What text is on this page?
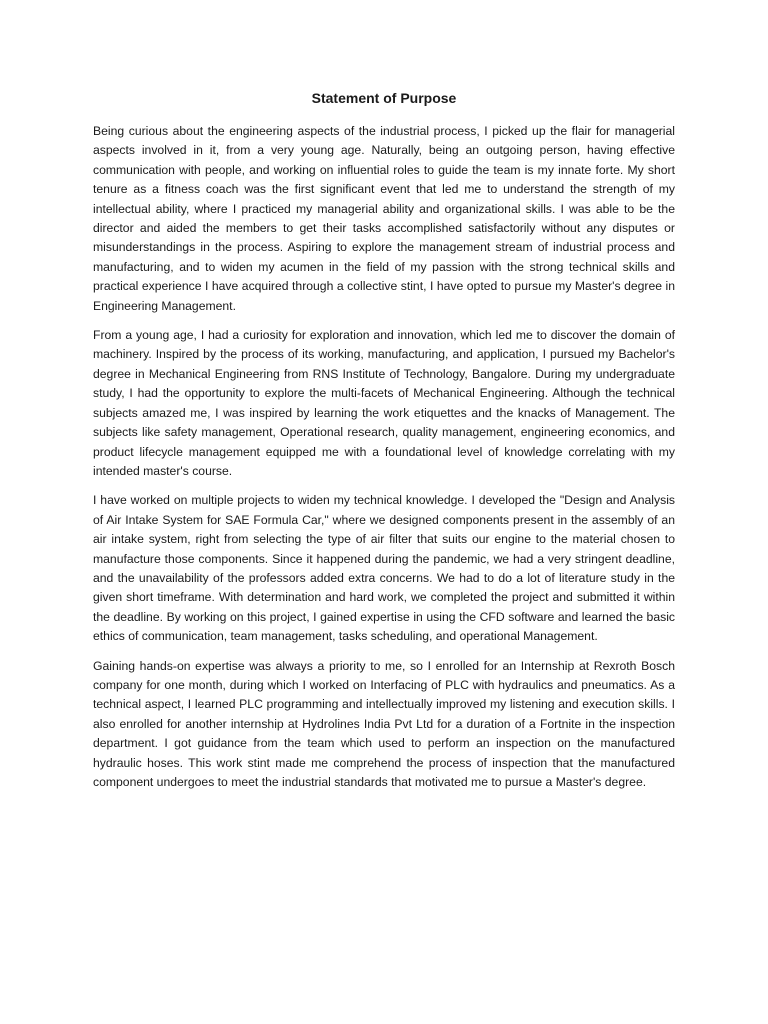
Statement of Purpose

Being curious about the engineering aspects of the industrial process, I picked up the flair for managerial aspects involved in it, from a very young age. Naturally, being an outgoing person, having effective communication with people, and working on influential roles to guide the team is my innate forte. My short tenure as a fitness coach was the first significant event that led me to understand the strength of my intellectual ability, where I practiced my managerial ability and organizational skills. I was able to be the director and aided the members to get their tasks accomplished satisfactorily without any disputes or misunderstandings in the process. Aspiring to explore the management stream of industrial process and manufacturing, and to widen my acumen in the field of my passion with the strong technical skills and practical experience I have acquired through a collective stint, I have opted to pursue my Master's degree in Engineering Management.

From a young age, I had a curiosity for exploration and innovation, which led me to discover the domain of machinery. Inspired by the process of its working, manufacturing, and application, I pursued my Bachelor's degree in Mechanical Engineering from RNS Institute of Technology, Bangalore. During my undergraduate study, I had the opportunity to explore the multi-facets of Mechanical Engineering. Although the technical subjects amazed me, I was inspired by learning the work etiquettes and the knacks of Management. The subjects like safety management, Operational research, quality management, engineering economics, and product lifecycle management equipped me with a foundational level of knowledge correlating with my intended master's course.

I have worked on multiple projects to widen my technical knowledge. I developed the "Design and Analysis of Air Intake System for SAE Formula Car," where we designed components present in the assembly of an air intake system, right from selecting the type of air filter that suits our engine to the material chosen to manufacture those components. Since it happened during the pandemic, we had a very stringent deadline, and the unavailability of the professors added extra concerns. We had to do a lot of literature study in the given short timeframe. With determination and hard work, we completed the project and submitted it within the deadline. By working on this project, I gained expertise in using the CFD software and learned the basic ethics of communication, team management, tasks scheduling, and operational Management.

Gaining hands-on expertise was always a priority to me, so I enrolled for an Internship at Rexroth Bosch company for one month, during which I worked on Interfacing of PLC with hydraulics and pneumatics. As a technical aspect, I learned PLC programming and intellectually improved my listening and execution skills. I also enrolled for another internship at Hydrolines India Pvt Ltd for a duration of a Fortnite in the inspection department. I got guidance from the team which used to perform an inspection on the manufactured hydraulic hoses. This work stint made me comprehend the process of inspection that the manufactured component undergoes to meet the industrial standards that motivated me to pursue a Master's degree.
